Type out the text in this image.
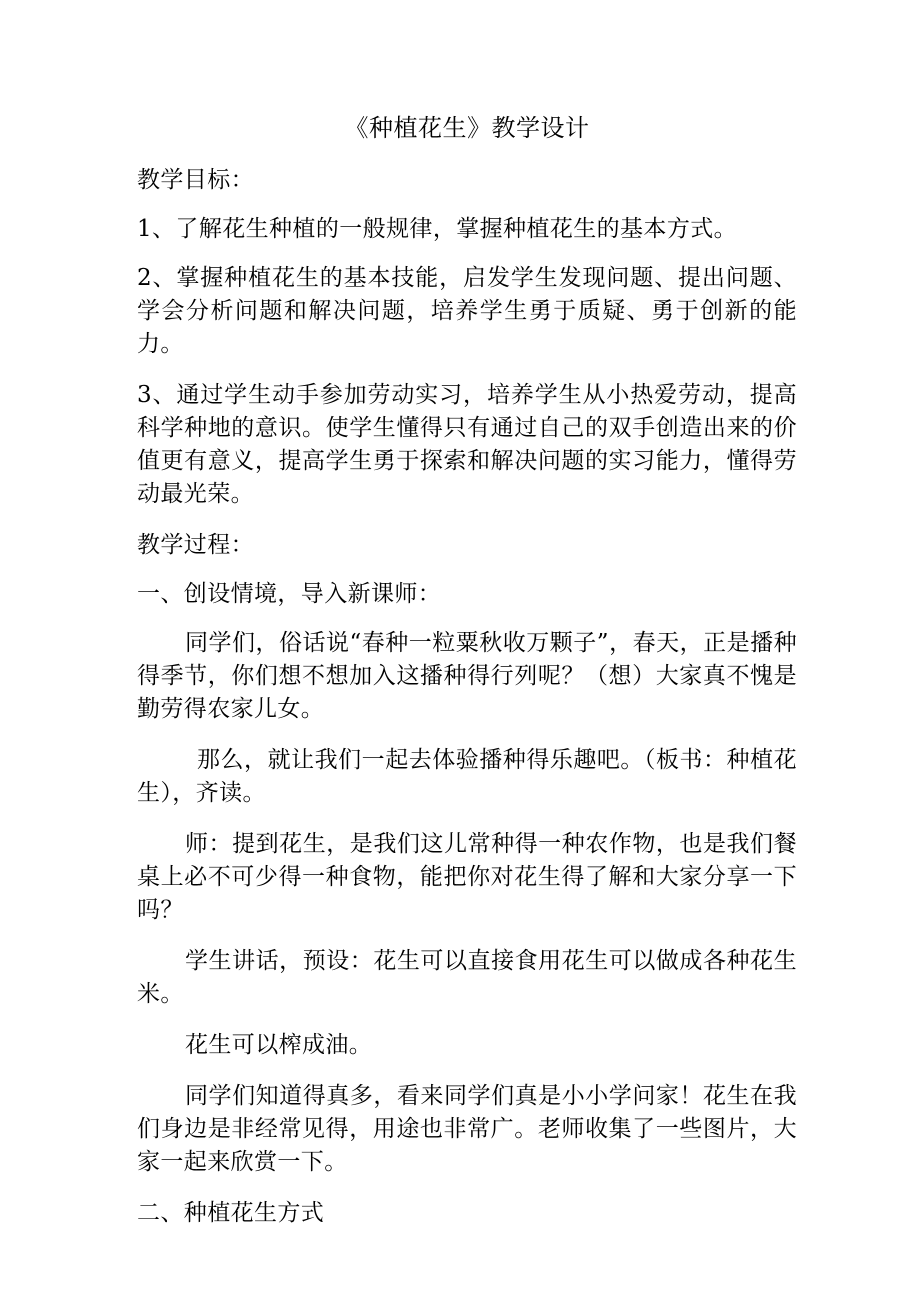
《种植花生》教学设计
教学目标：
1、了解花生种植的一般规律，掌握种植花生的基本方式。
2、掌握种植花生的基本技能，启发学生发现问题、提出问题、学会分析问题和解决问题，培养学生勇于质疑、勇于创新的能力。
3、通过学生动手参加劳动实习，培养学生从小热爱劳动，提高科学种地的意识。使学生懂得只有通过自己的双手创造出来的价值更有意义，提高学生勇于探索和解决问题的实习能力，懂得劳动最光荣。
教学过程：
一、创设情境，导入新课师：
同学们，俗话说“春种一粒粟秋收万颗子”，春天，正是播种得季节，你们想不想加入这播种得行列呢？（想）大家真不愧是勤劳得农家儿女。
那么，就让我们一起去体验播种得乐趣吧。（板书：种植花生），齐读。
师：提到花生，是我们这儿常种得一种农作物，也是我们餐桌上必不可少得一种食物，能把你对花生得了解和大家分享一下吗？
学生讲话，预设：花生可以直接食用花生可以做成各种花生米。
花生可以榨成油。
同学们知道得真多，看来同学们真是小小学问家！花生在我们身边是非经常见得，用途也非常广。老师收集了一些图片，大家一起来欣赏一下。
二、种植花生方式
